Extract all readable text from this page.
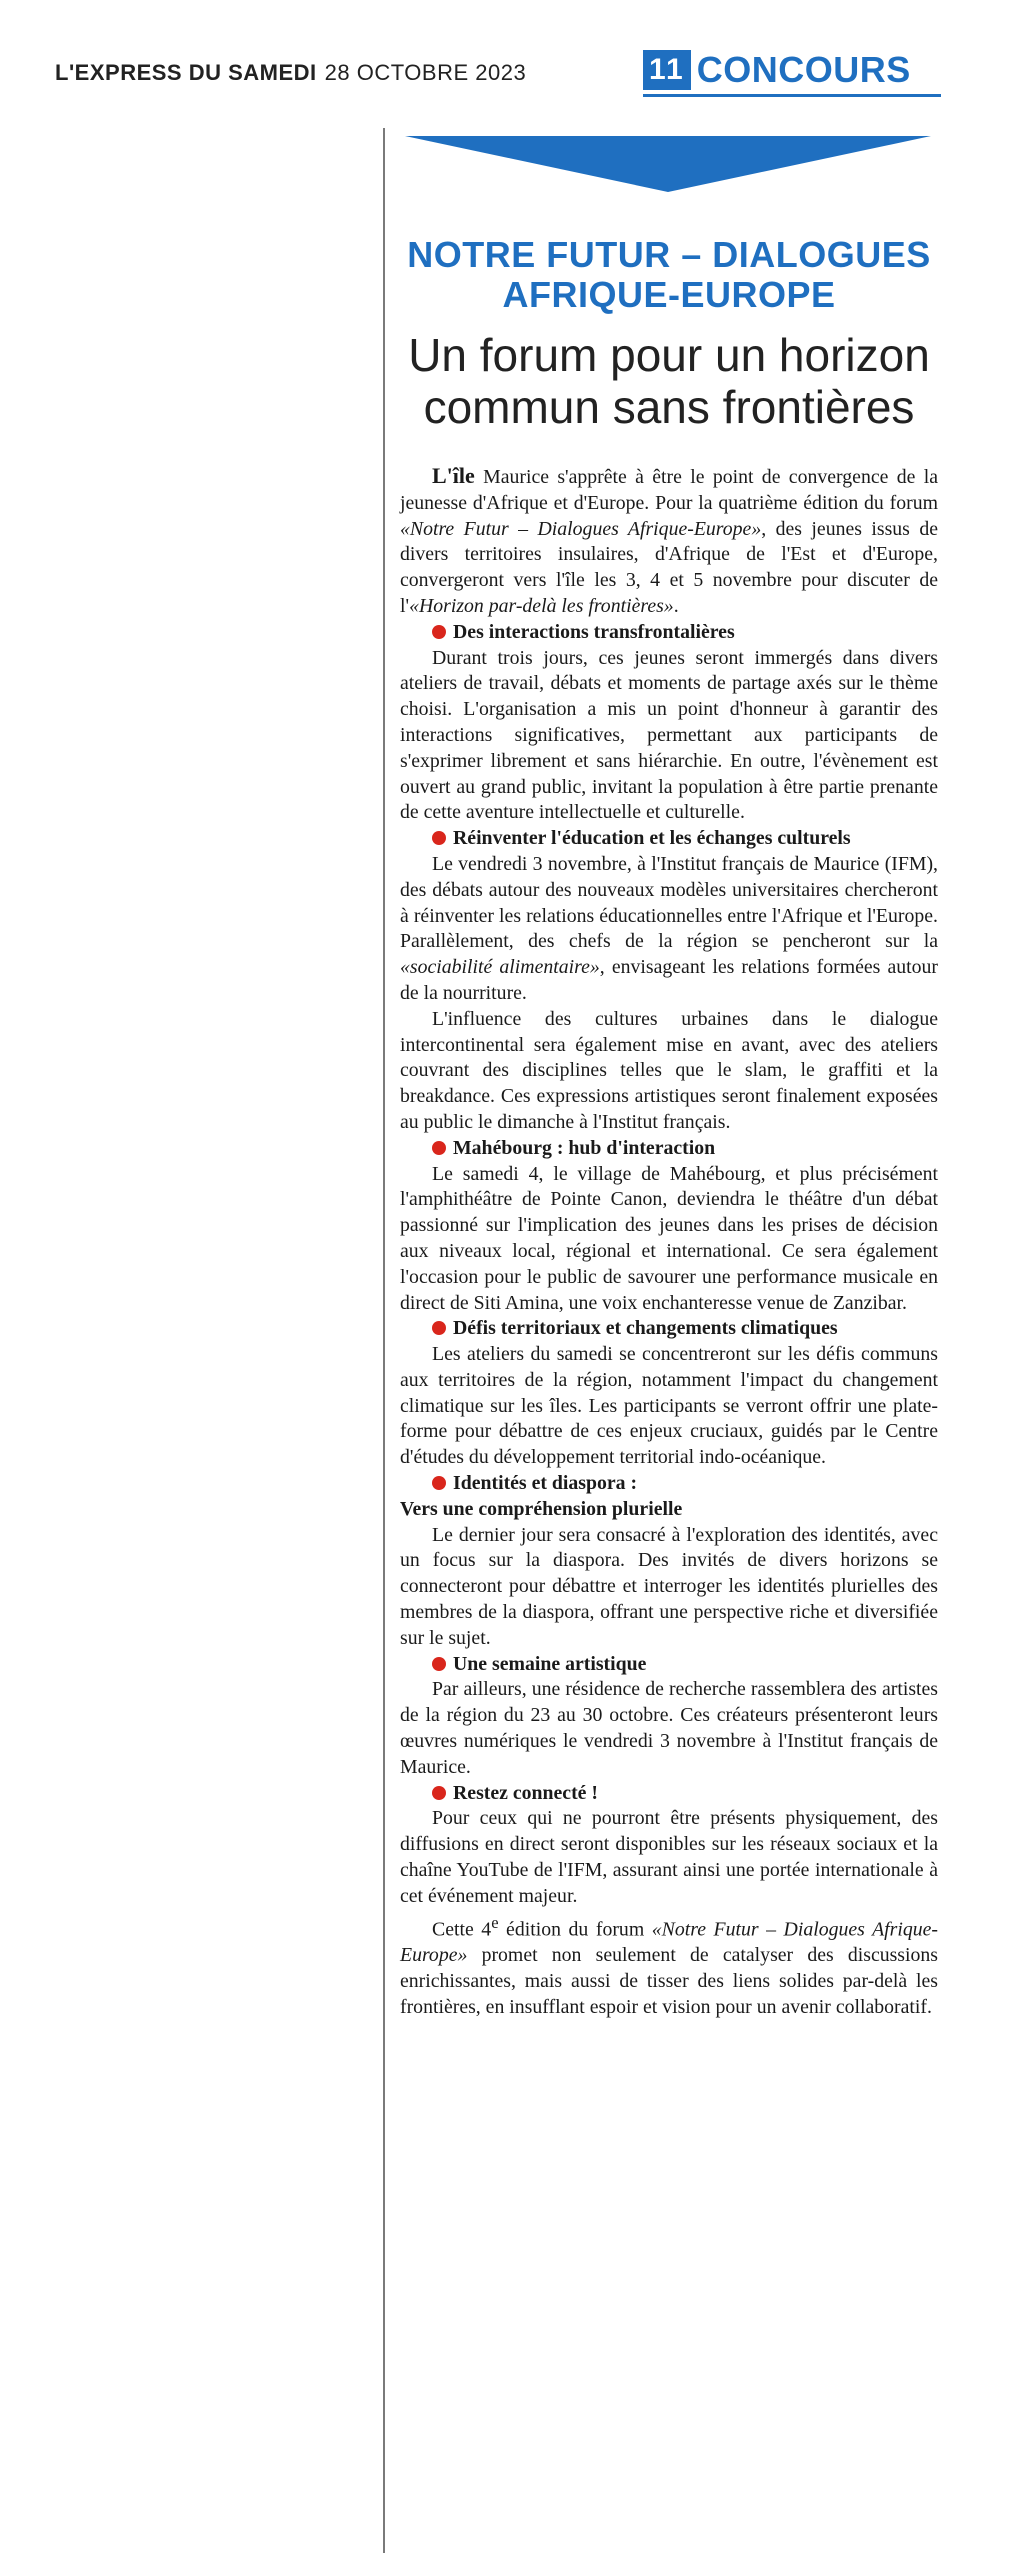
L'EXPRESS DU SAMEDI 28 OCTOBRE 2023	11 CONCOURS
NOTRE FUTUR – DIALOGUES AFRIQUE-EUROPE
Un forum pour un horizon commun sans frontières

L'île Maurice s'apprête à être le point de convergence de la jeunesse d'Afrique et d'Europe. Pour la quatrième édition du forum «Notre Futur – Dialogues Afrique-Europe», des jeunes issus de divers territoires insulaires, d'Afrique de l'Est et d'Europe, convergeront vers l'île les 3, 4 et 5 novembre pour discuter de l'«Horizon par-delà les frontières».

Des interactions transfrontalières

Durant trois jours, ces jeunes seront immergés dans divers ateliers de travail, débats et moments de partage axés sur le thème choisi. L'organisation a mis un point d'honneur à garantir des interactions significatives, permettant aux participants de s'exprimer librement et sans hiérarchie. En outre, l'évènement est ouvert au grand public, invitant la population à être partie prenante de cette aventure intellectuelle et culturelle.

Réinventer l'éducation et les échanges culturels

Le vendredi 3 novembre, à l'Institut français de Maurice (IFM), des débats autour des nouveaux modèles universitaires chercheront à réinventer les relations éducationnelles entre l'Afrique et l'Europe. Parallèlement, des chefs de la région se pencheront sur la «sociabilité alimentaire», envisageant les relations formées autour de la nourriture.

L'influence des cultures urbaines dans le dialogue intercontinental sera également mise en avant, avec des ateliers couvrant des disciplines telles que le slam, le graffiti et la breakdance. Ces expressions artistiques seront finalement exposées au public le dimanche à l'Institut français.

Mahébourg : hub d'interaction

Le samedi 4, le village de Mahébourg, et plus précisément l'amphithéâtre de Pointe Canon, deviendra le théâtre d'un débat passionné sur l'implication des jeunes dans les prises de décision aux niveaux local, régional et international. Ce sera également l'occasion pour le public de savourer une performance musicale en direct de Siti Amina, une voix enchanteresse venue de Zanzibar.

Défis territoriaux et changements climatiques

Les ateliers du samedi se concentreront sur les défis communs aux territoires de la région, notamment l'impact du changement climatique sur les îles. Les participants se verront offrir une plate-forme pour débattre de ces enjeux cruciaux, guidés par le Centre d'études du développement territorial indo-océanique.

Identités et diaspora :
Vers une compréhension plurielle

Le dernier jour sera consacré à l'exploration des identités, avec un focus sur la diaspora. Des invités de divers horizons se connecteront pour débattre et interroger les identités plurielles des membres de la diaspora, offrant une perspective riche et diversifiée sur le sujet.

Une semaine artistique

Par ailleurs, une résidence de recherche rassemblera des artistes de la région du 23 au 30 octobre. Ces créateurs présenteront leurs œuvres numériques le vendredi 3 novembre à l'Institut français de Maurice.

Restez connecté !

Pour ceux qui ne pourront être présents physiquement, des diffusions en direct seront disponibles sur les réseaux sociaux et la chaîne YouTube de l'IFM, assurant ainsi une portée internationale à cet événement majeur.

Cette 4e édition du forum «Notre Futur – Dialogues Afrique-Europe» promet non seulement de catalyser des discussions enrichissantes, mais aussi de tisser des liens solides par-delà les frontières, en insufflant espoir et vision pour un avenir collaboratif.
